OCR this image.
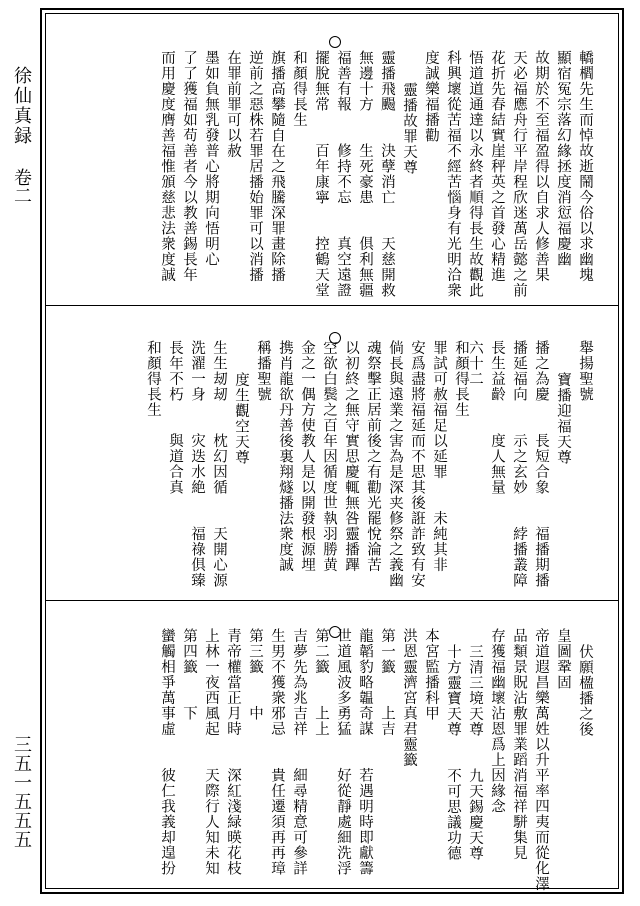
徐仙真録
卷二
三五一五五五
轎櫩先生而悼故逝鬧今俗以求幽塊
顯宿冤宗落幻緣拯度消愆福慶幽
故期於不至福盈得以自求人修善果
天必福應舟行平岸程欣迷萬岳懿之前
花折先春結實崖秤英之首發心精進
悟道道通達以永終者順得長生故觀此
科興壞從苦福不經苦惱身有光明洽衆
度誠樂福播勸
靈播故罪天尊
靈播飛颺　　決孽消亡　　天慈開救
無邊十方　　生死豪患　　俱利無疆
福善有報　　修持不忘　　真空遠證
擺脫無常　　百年康寧　　控鶴天堂
和顏得長生
旗播高攀隨自在之飛騰深罪畫除播
逆前之惡株若罪居播始罪可以消播
在罪前罪可以赦
墨如負無乳發普心將期向悟明心
了了獲福如苟善者今以教善錫長年
而用慶度膺善福惟頒慈悲法衆度誠
舉揚聖號
寶播迎福天尊
播之為慶　　長短合象　　福播期播
播延福向　　示之玄妙　　綍播叢障
長生益齡　　度人無量
六十二
和顏得長生
罪試可赦福足以延罪　　未純其非
安爲盡將福延而不思其後誑詐致有安
倘長與遠業之害為是深夹修祭之義幽
魂祭擊正居前後之有勸光罷悅淪苦
以初終之無守實思慶輒無咎靈播蹕
空欲白鬓之百年因循度世執羽勝黄
金之一偶方使教人是以開發根源埋
携肖龍欲丹善後裏翔燧播法衆度誠
稱播聖號
度生觀空天尊
生生刼刼　　枕幻因循　　天開心源
洗濯一身　　灾迭水絶　　福祿俱臻
長年不朽　　與道合真
和顏得長生
伏願楹播之後
皇圖鞏固
帝道遐昌樂萬姓以升平率四夷而從化澤
品類景貺沾敷罪業蹈消福祥駢集見
存獲福幽壞沾恩爲上因緣念
三清三境天尊　　九天錫慶天尊
十方靈寶天尊　　不可思議功德
本宮監播科甲
洪恩靈濟宮真君靈籤
第一籤　　上吉
龍韜豹略韞奇謀　　若遇明時即獻籌
世道風波多勇猛　　好從靜處細洗浮
第二籤　　上上
吉夢先為兆吉祥　　細尋精意可參詳
生男不獲衆邪忌　　貴任遷須再再璋
第三籤　　中
青帝權當正月時　　深紅淺緑暎花枝
上林一夜西風起　　天際行人知未知
第四籤　　下
蠻觸相爭萬事虛　　彼仁我義却遑扮
